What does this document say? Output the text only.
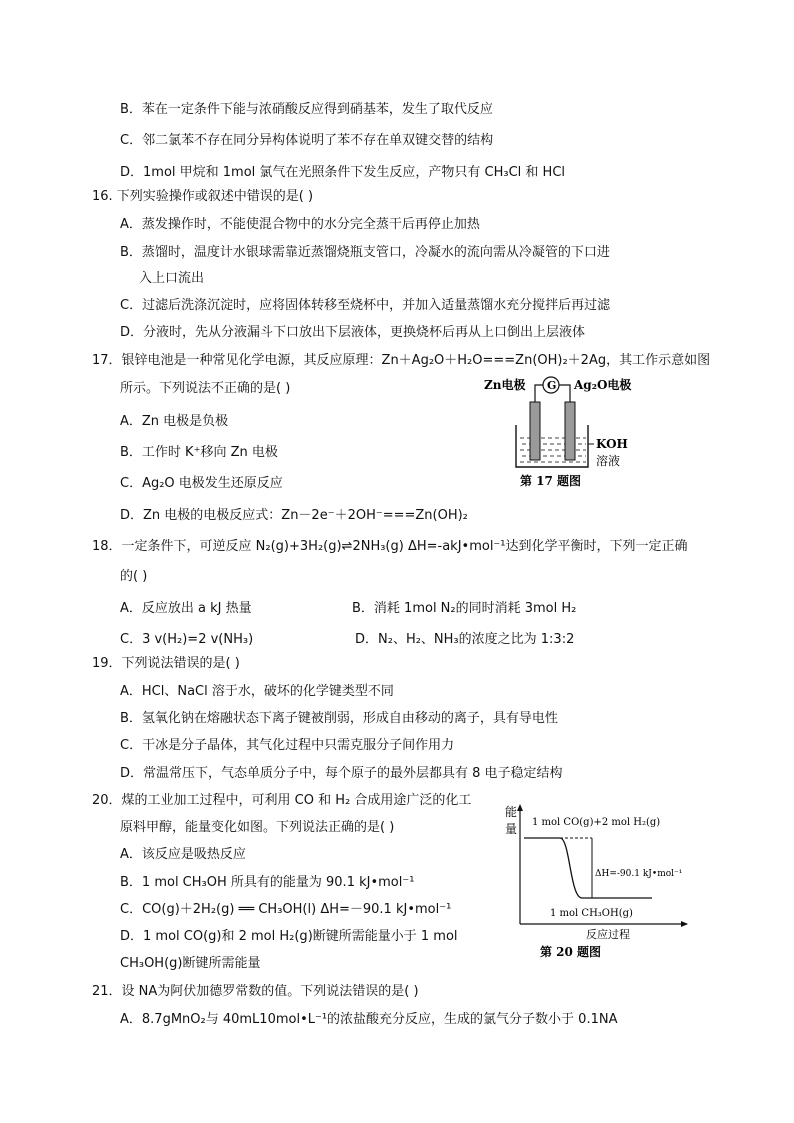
B．苯在一定条件下能与浓硝酸反应得到硝基苯，发生了取代反应
C．邻二氯苯不存在同分异构体说明了苯不存在单双键交替的结构
D．1mol 甲烷和 1mol 氯气在光照条件下发生反应，产物只有 CH₃Cl 和 HCl
16. 下列实验操作或叙述中错误的是( )
A．蒸发操作时，不能使混合物中的水分完全蒸干后再停止加热
B．蒸馏时，温度计水银球需靠近蒸馏烧瓶支管口，冷凝水的流向需从冷凝管的下口进
入上口流出
C．过滤后洗涤沉淀时，应将固体转移至烧杯中，并加入适量蒸馏水充分搅拌后再过滤
D．分液时，先从分液漏斗下口放出下层液体，更换烧杯后再从上口倒出上层液体
17．银锌电池是一种常见化学电源，其反应原理：Zn＋Ag₂O＋H₂O===Zn(OH)₂＋2Ag，其工作示意如图
所示。下列说法不正确的是( )
A．Zn 电极是负极
B．工作时 K⁺移向 Zn 电极
C．Ag₂O 电极发生还原反应
D．Zn 电极的电极反应式：Zn－2e⁻＋2OH⁻===Zn(OH)₂
18．一定条件下，可逆反应 N₂(g)+3H₂(g)⇌2NH₃(g) ΔH=-akJ•mol⁻¹达到化学平衡时，下列一定正确
的( )
A．反应放出 a kJ 热量	B．消耗 1mol N₂的同时消耗 3mol H₂
C．3 v(H₂)=2 v(NH₃)	D．N₂、H₂、NH₃的浓度之比为 1:3:2
19．下列说法错误的是( )
A．HCl、NaCl 溶于水，破坏的化学键类型不同
B．氢氧化钠在熔融状态下离子键被削弱，形成自由移动的离子，具有导电性
C．干冰是分子晶体，其气化过程中只需克服分子间作用力
D．常温常压下，气态单质分子中，每个原子的最外层都具有 8 电子稳定结构
20．煤的工业加工过程中，可利用 CO 和 H₂ 合成用途广泛的化工
原料甲醇，能量变化如图。下列说法正确的是( )
A．该反应是吸热反应
B．1 mol CH₃OH 所具有的能量为 90.1 kJ•mol⁻¹
C．CO(g)＋2H₂(g) ══ CH₃OH(l) ΔH=－90.1 kJ•mol⁻¹
D．1 mol CO(g)和 2 mol H₂(g)断键所需能量小于 1 mol
CH₃OH(g)断键所需能量
21．设 NA为阿伏加德罗常数的值。下列说法错误的是( )
A．8.7gMnO₂与 40mL10mol•L⁻¹的浓盐酸充分反应，生成的氯气分子数小于 0.1NA
Zn电极 G Ag₂O电极
KOH
溶液
第 17 题图
能
量 1 mol CO(g)+2 mol H₂(g)
ΔH=-90.1 kJ•mol⁻¹
1 mol CH₃OH(g)
反应过程
第 20 题图
